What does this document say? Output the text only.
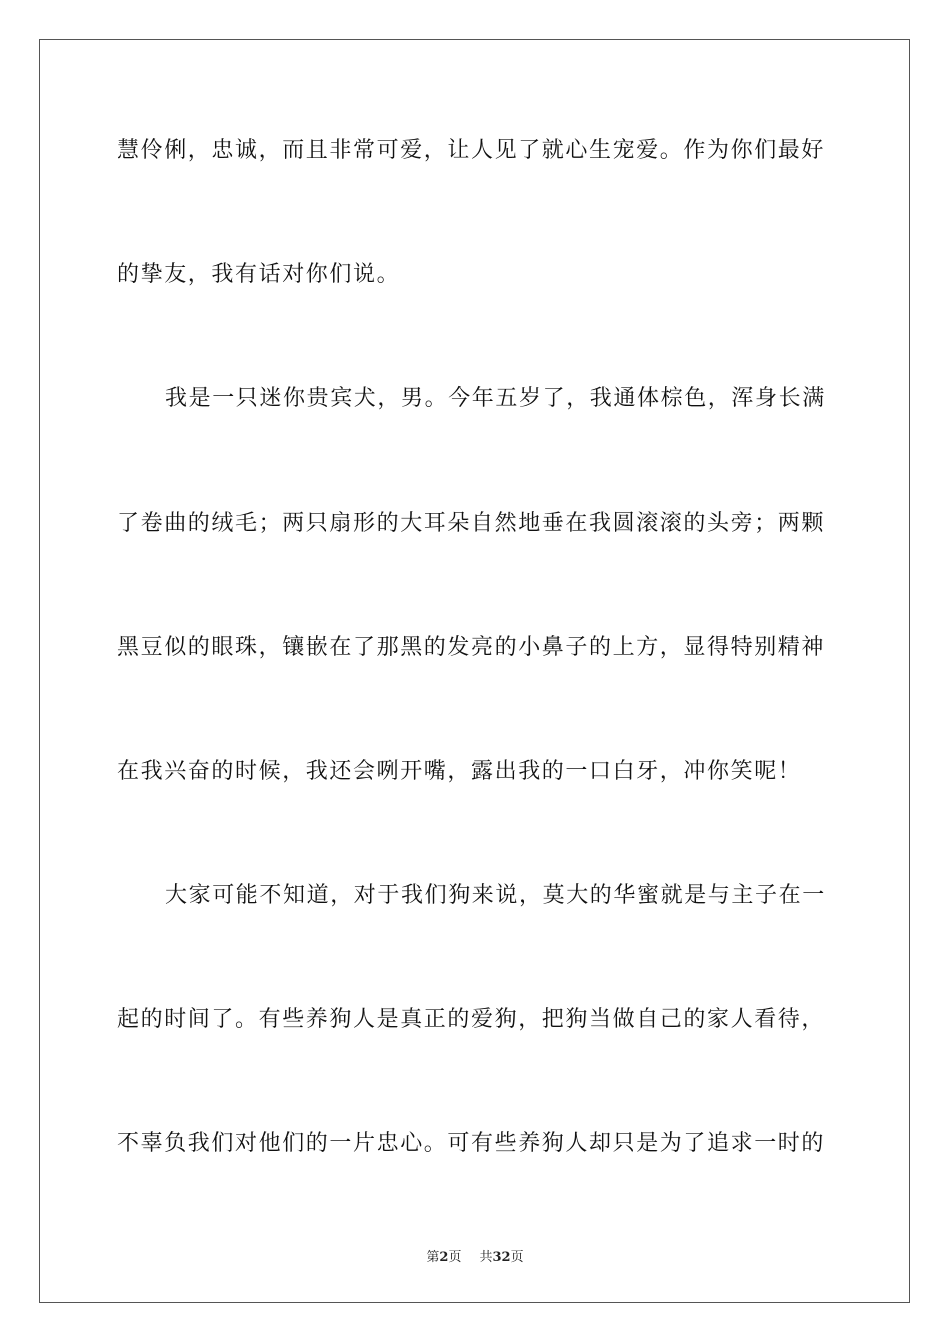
慧伶俐，忠诚，而且非常可爱，让人见了就心生宠爱。作为你们最好
的挚友，我有话对你们说。
我是一只迷你贵宾犬，男。今年五岁了，我通体棕色，浑身长满
了卷曲的绒毛；两只扇形的大耳朵自然地垂在我圆滚滚的头旁；两颗
黑豆似的眼珠，镶嵌在了那黑的发亮的小鼻子的上方，显得特别精神
在我兴奋的时候，我还会咧开嘴，露出我的一口白牙，冲你笑呢！
大家可能不知道，对于我们狗来说，莫大的华蜜就是与主子在一
起的时间了。有些养狗人是真正的爱狗，把狗当做自己的家人看待，
不辜负我们对他们的一片忠心。可有些养狗人却只是为了追求一时的
第2页 共32页
